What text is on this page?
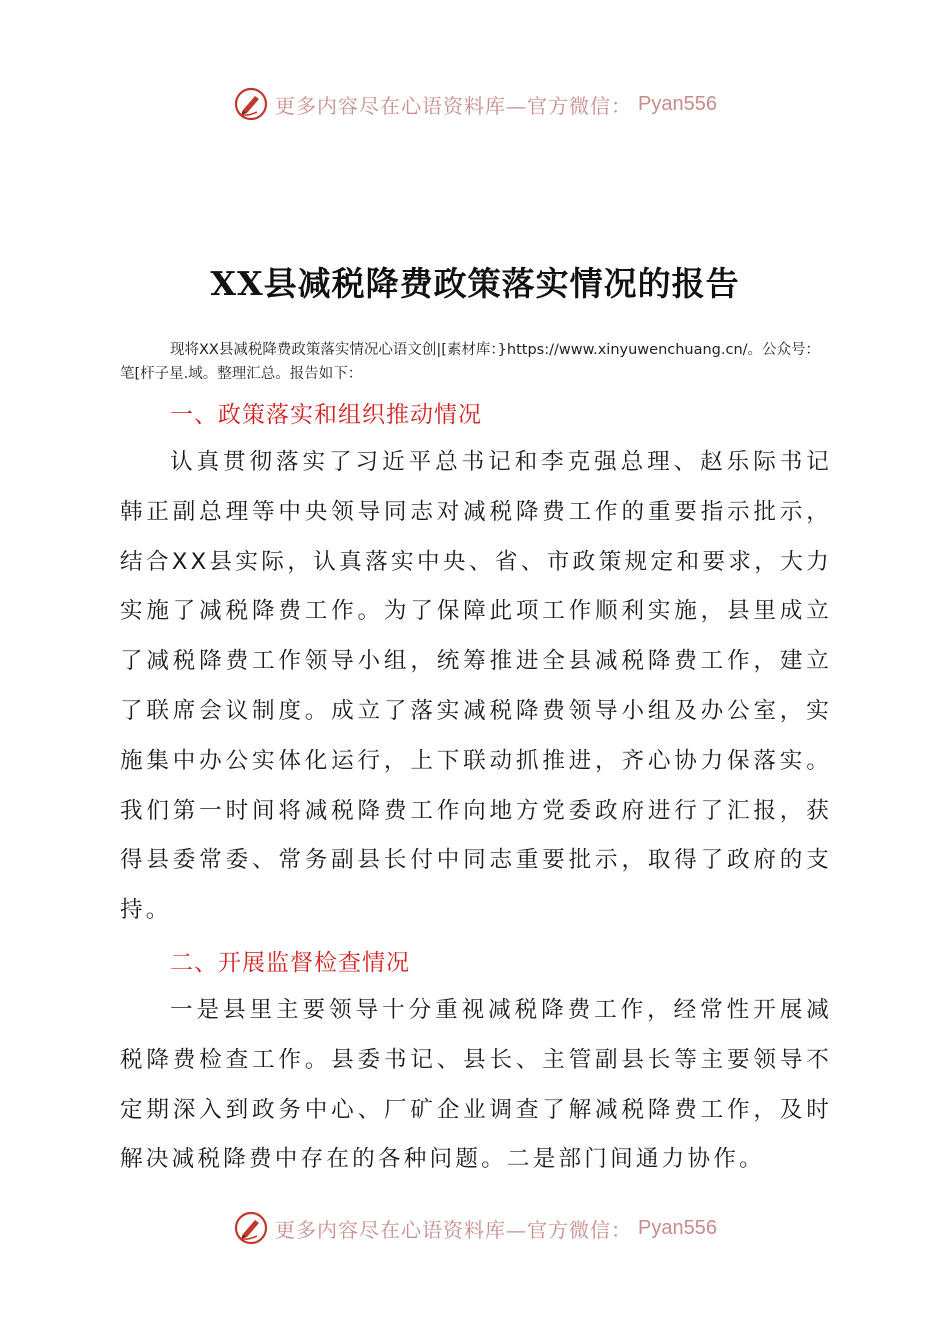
更多内容尽在心语资料库—官方微信： Pyan556
XX县减税降费政策落实情况的报告
现将XX县减税降费政策落实情况心语文创|[素材库：}https://www.xinyuwenchuang.cn/。公众号：笔[杆子星.域。整理汇总。报告如下：
一、政策落实和组织推动情况
认真贯彻落实了习近平总书记和李克强总理、赵乐际书记韩正副总理等中央领导同志对减税降费工作的重要指示批示，结合XX县实际，认真落实中央、省、市政策规定和要求，大力实施了减税降费工作。为了保障此项工作顺利实施，县里成立了减税降费工作领导小组，统筹推进全县减税降费工作，建立了联席会议制度。成立了落实减税降费领导小组及办公室，实施集中办公实体化运行，上下联动抓推进，齐心协力保落实。我们第一时间将减税降费工作向地方党委政府进行了汇报，获得县委常委、常务副县长付中同志重要批示，取得了政府的支持。
二、开展监督检查情况
一是县里主要领导十分重视减税降费工作，经常性开展减税降费检查工作。县委书记、县长、主管副县长等主要领导不定期深入到政务中心、厂矿企业调查了解减税降费工作，及时解决减税降费中存在的各种问题。二是部门间通力协作。
更多内容尽在心语资料库—官方微信： Pyan556
